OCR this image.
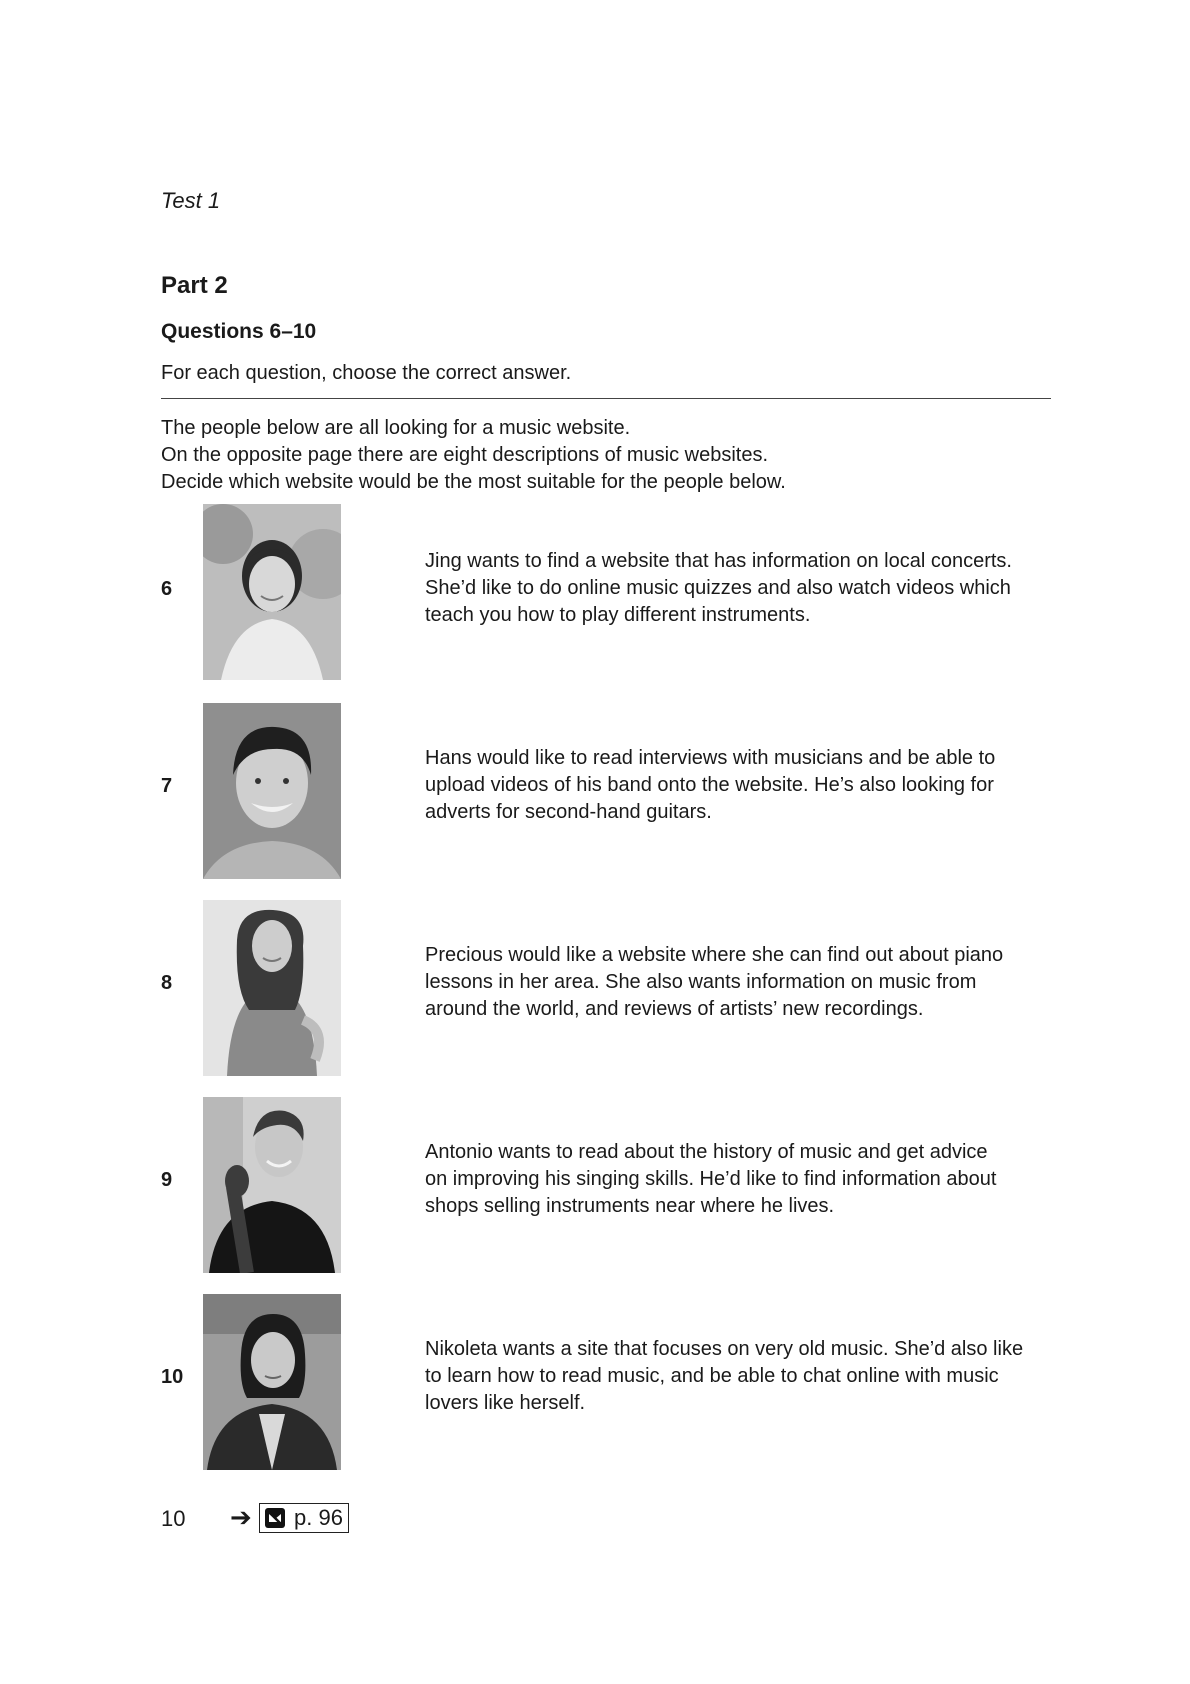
Test 1
Part 2
Questions 6–10
For each question, choose the correct answer.
The people below are all looking for a music website.
On the opposite page there are eight descriptions of music websites.
Decide which website would be the most suitable for the people below.
6
Jing wants to find a website that has information on local concerts.
She’d like to do online music quizzes and also watch videos which
teach you how to play different instruments.
7
Hans would like to read interviews with musicians and be able to
upload videos of his band onto the website. He’s also looking for
adverts for second-hand guitars.
8
Precious would like a website where she can find out about piano
lessons in her area. She also wants information on music from
around the world, and reviews of artists’ new recordings.
9
Antonio wants to read about the history of music and get advice
on improving his singing skills. He’d like to find information about
shops selling instruments near where he lives.
10
Nikoleta wants a site that focuses on very old music. She’d also like
to learn how to read music, and be able to chat online with music
lovers like herself.
10 ➔ p. 96
